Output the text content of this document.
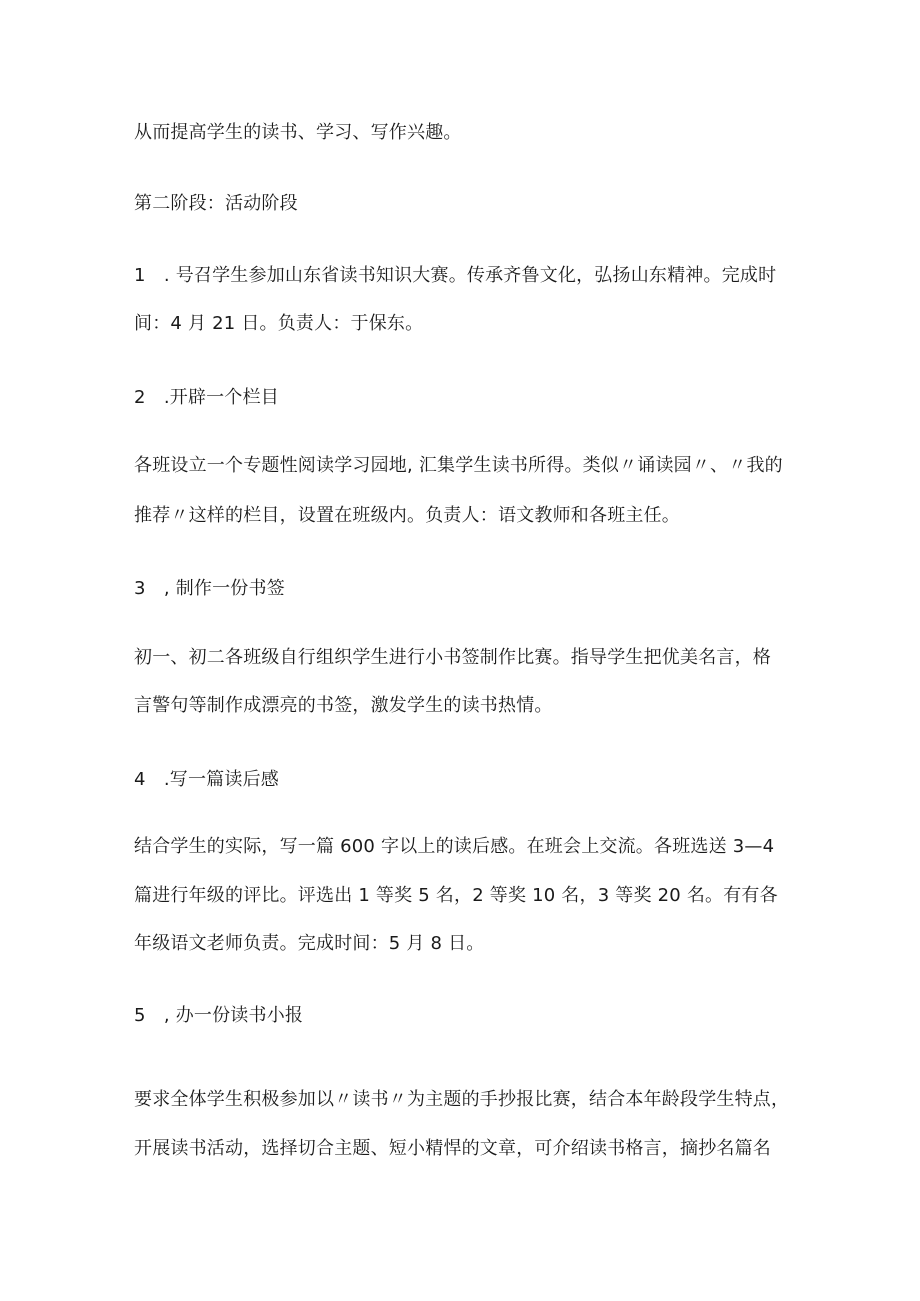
从而提高学生的读书、学习、写作兴趣。
第二阶段：活动阶段
1　. 号召学生参加山东省读书知识大赛。传承齐鲁文化，弘扬山东精神。完成时
间：4 月 21 日。负责人：于保东。
2　.开辟一个栏目
各班设立一个专题性阅读学习园地, 汇集学生读书所得。类似〃诵读园〃、〃我的
推荐〃这样的栏目，设置在班级内。负责人：语文教师和各班主任。
3　, 制作一份书签
初一、初二各班级自行组织学生进行小书签制作比赛。指导学生把优美名言，格
言警句等制作成漂亮的书签，激发学生的读书热情。
4　.写一篇读后感
结合学生的实际，写一篇 600 字以上的读后感。在班会上交流。各班选送 3—4
篇进行年级的评比。评选出 1 等奖 5 名，2 等奖 10 名，3 等奖 20 名。有有各
年级语文老师负责。完成时间：5 月 8 日。
5　, 办一份读书小报
要求全体学生积极参加以〃读书〃为主题的手抄报比赛，结合本年龄段学生特点，
开展读书活动，选择切合主题、短小精悍的文章，可介绍读书格言，摘抄名篇名
